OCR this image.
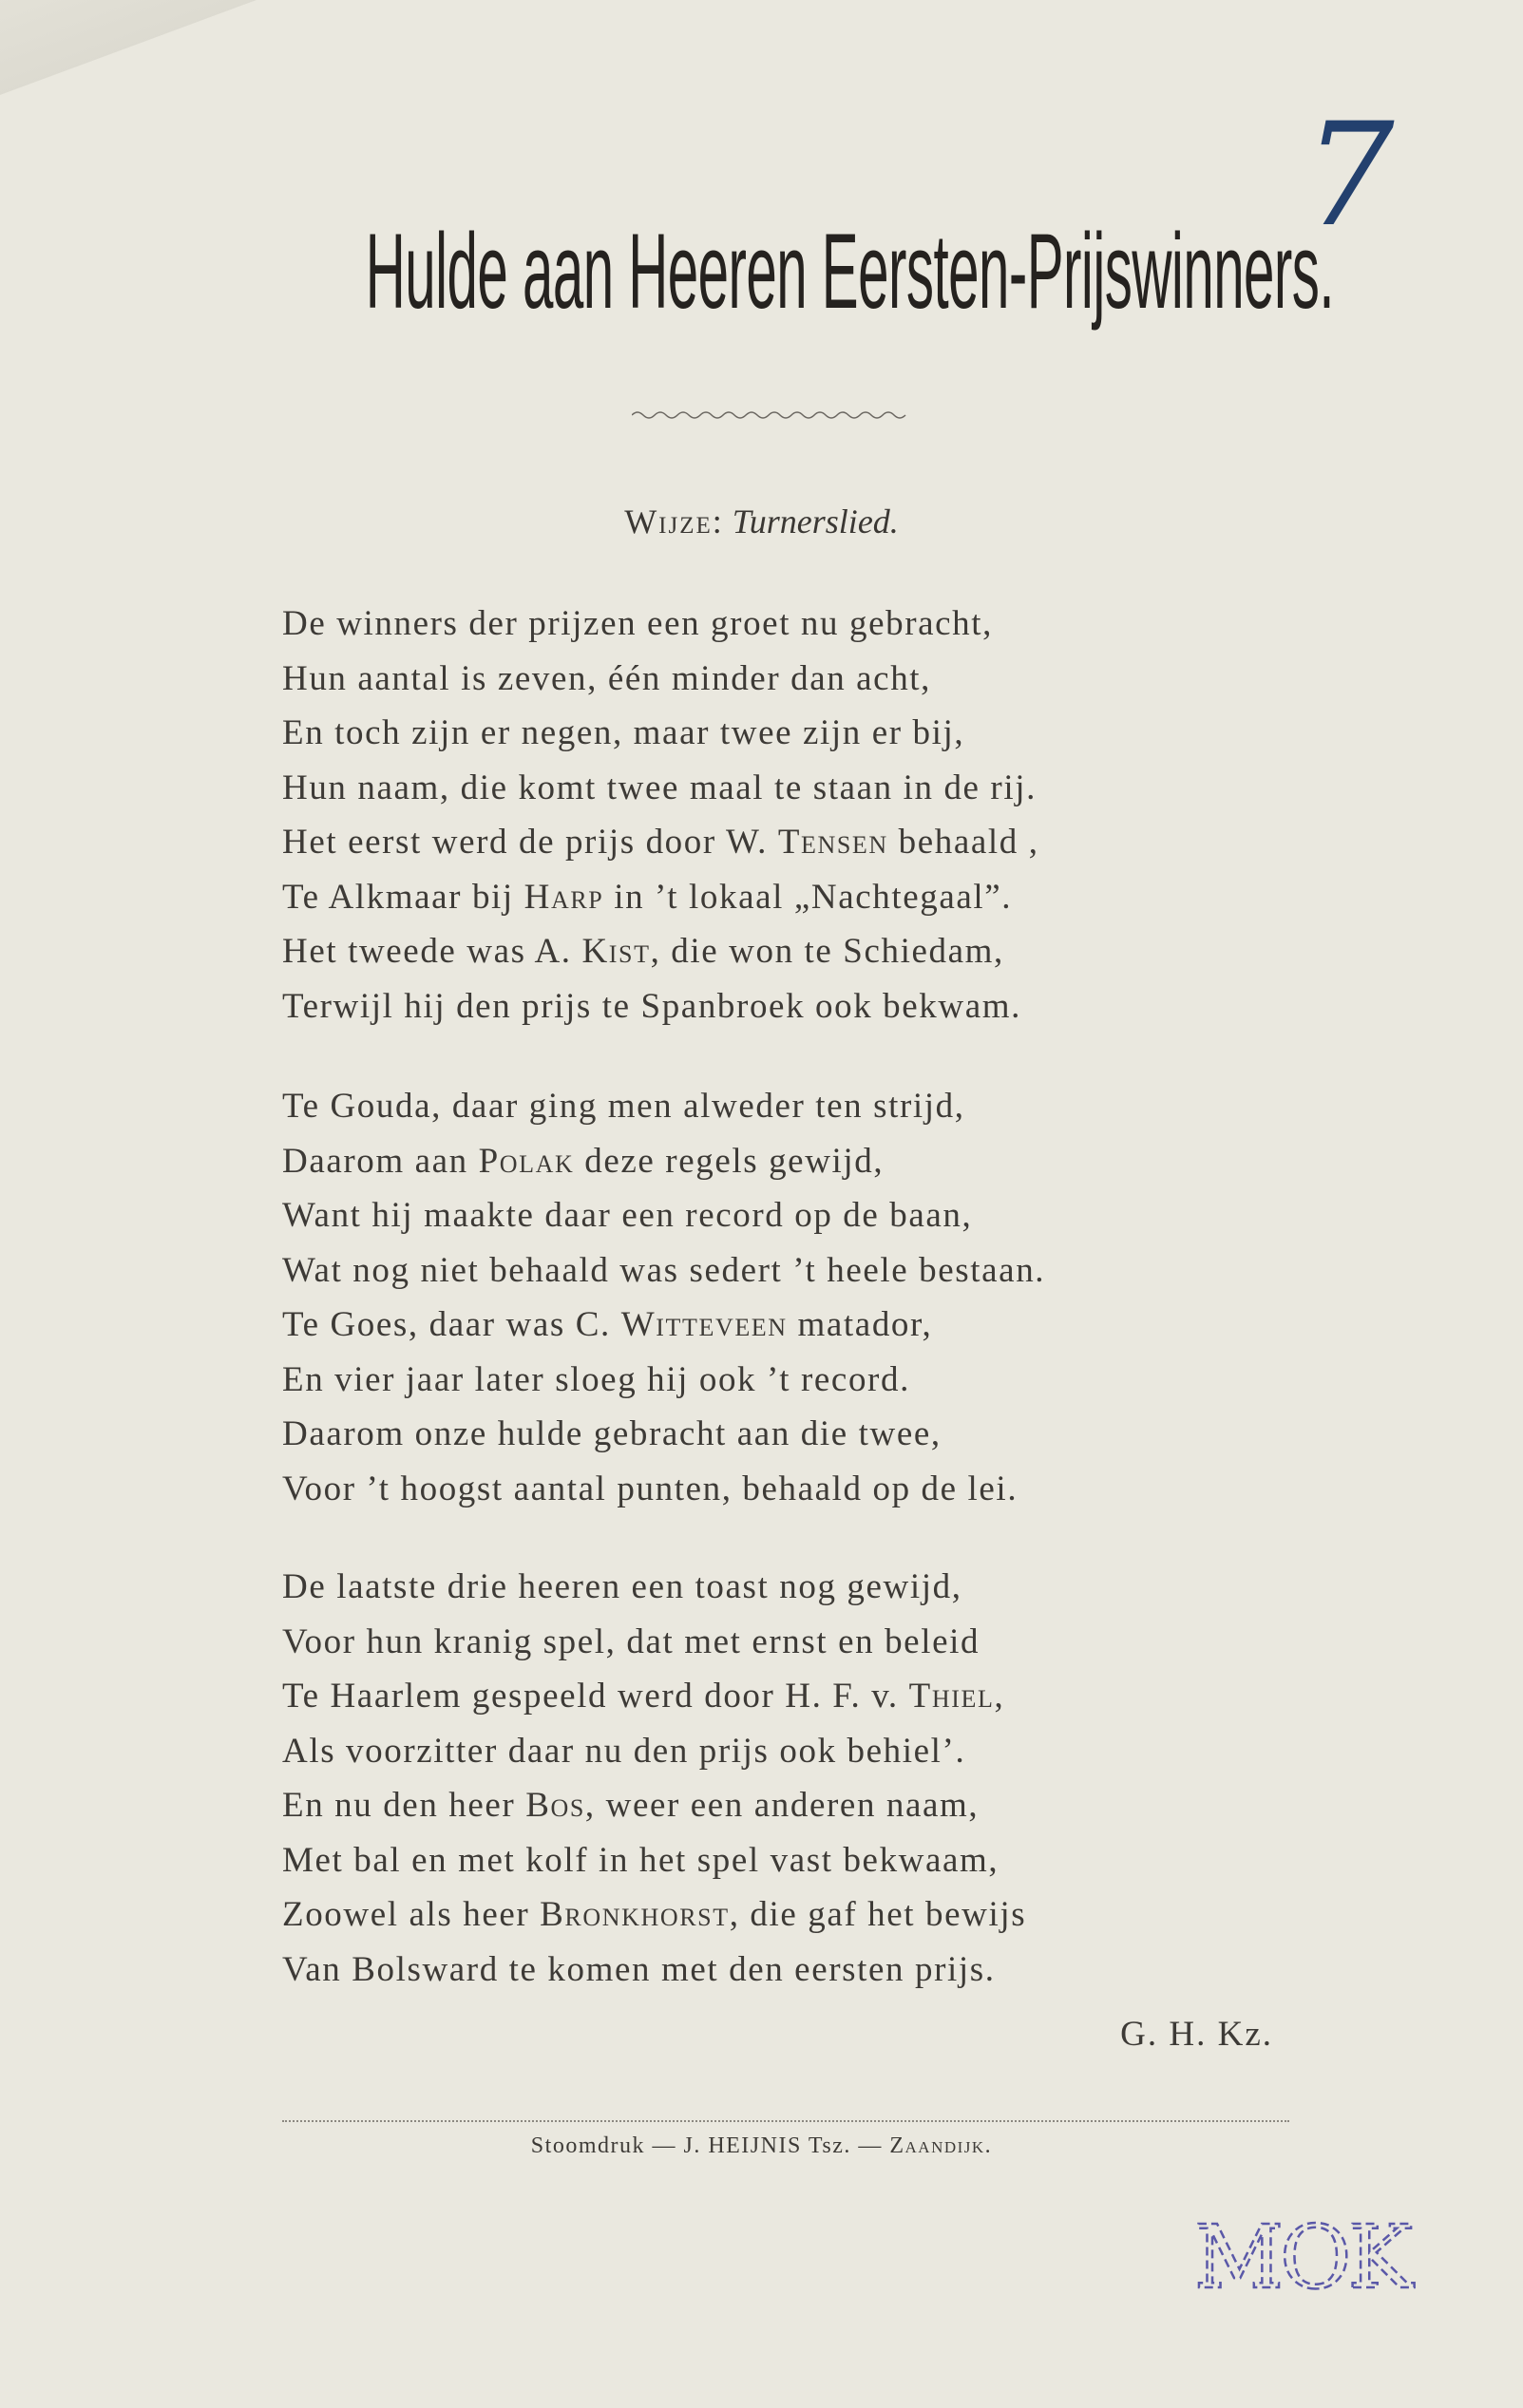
7
Hulde aan Heeren Eersten-Prijswinners.
Wijze: Turnerslied.
De winners der prijzen een groet nu gebracht,
Hun aantal is zeven, één minder dan acht,
En toch zijn er negen, maar twee zijn er bij,
Hun naam, die komt twee maal te staan in de rij.
Het eerst werd de prijs door W. Tensen behaald ,
Te Alkmaar bij Harp in ’t lokaal „Nachtegaal”.
Het tweede was A. Kist, die won te Schiedam,
Terwijl hij den prijs te Spanbroek ook bekwam.
Te Gouda, daar ging men alweder ten strijd,
Daarom aan Polak deze regels gewijd,
Want hij maakte daar een record op de baan,
Wat nog niet behaald was sedert ’t heele bestaan.
Te Goes, daar was C. Witteveen matador,
En vier jaar later sloeg hij ook ’t record.
Daarom onze hulde gebracht aan die twee,
Voor ’t hoogst aantal punten, behaald op de lei.
De laatste drie heeren een toast nog gewijd,
Voor hun kranig spel, dat met ernst en beleid
Te Haarlem gespeeld werd door H. F. v. Thiel,
Als voorzitter daar nu den prijs ook behiel’.
En nu den heer Bos, weer een anderen naam,
Met bal en met kolf in het spel vast bekwaam,
Zoowel als heer Bronkhorst, die gaf het bewijs
Van Bolsward te komen met den eersten prijs.
G. H. Kz.
Stoomdruk — J. HEIJNIS Tsz. — Zaandijk.
MOK
